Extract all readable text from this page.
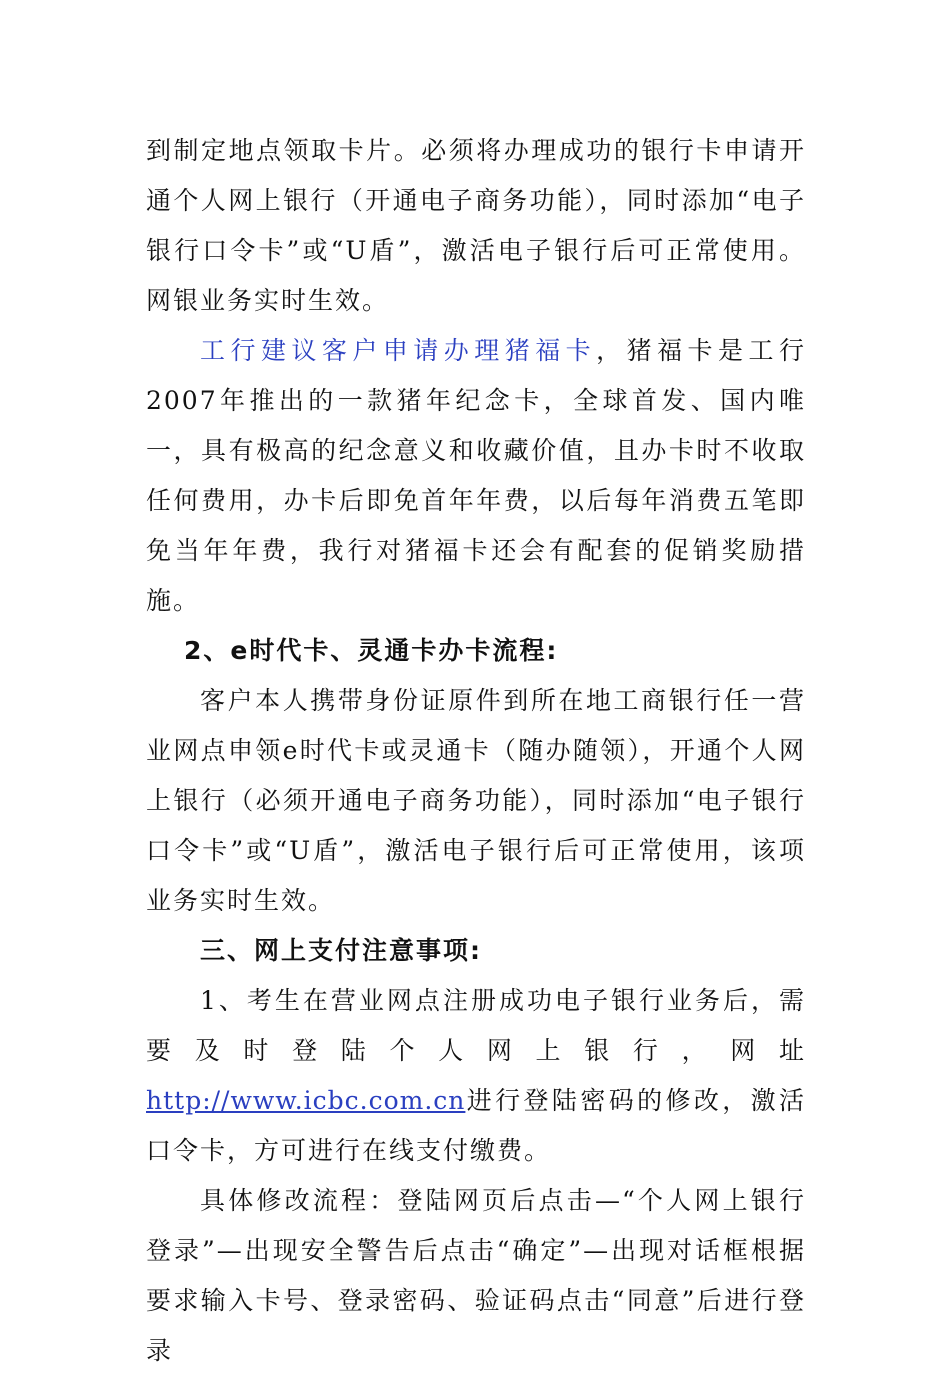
到制定地点领取卡片。必须将办理成功的银行卡申请开通个人网上银行（开通电子商务功能），同时添加“电子银行口令卡”或“U盾”，激活电子银行后可正常使用。网银业务实时生效。

工行建议客户申请办理猪福卡，猪福卡是工行2007年推出的一款猪年纪念卡，全球首发、国内唯一，具有极高的纪念意义和收藏价值，且办卡时不收取任何费用，办卡后即免首年年费，以后每年消费五笔即免当年年费，我行对猪福卡还会有配套的促销奖励措施。

2、e时代卡、灵通卡办卡流程:

客户本人携带身份证原件到所在地工商银行任一营业网点申领e时代卡或灵通卡（随办随领），开通个人网上银行（必须开通电子商务功能），同时添加“电子银行口令卡”或“U盾”，激活电子银行后可正常使用，该项业务实时生效。

三、网上支付注意事项:

1、考生在营业网点注册成功电子银行业务后，需要及时登陆个人网上银行，网址http://www.icbc.com.cn进行登陆密码的修改，激活口令卡，方可进行在线支付缴费。

具体修改流程：登陆网页后点击—“个人网上银行登录”—出现安全警告后点击“确定”—出现对话框根据要求输入卡号、登录密码、验证码点击“同意”后进行登录
